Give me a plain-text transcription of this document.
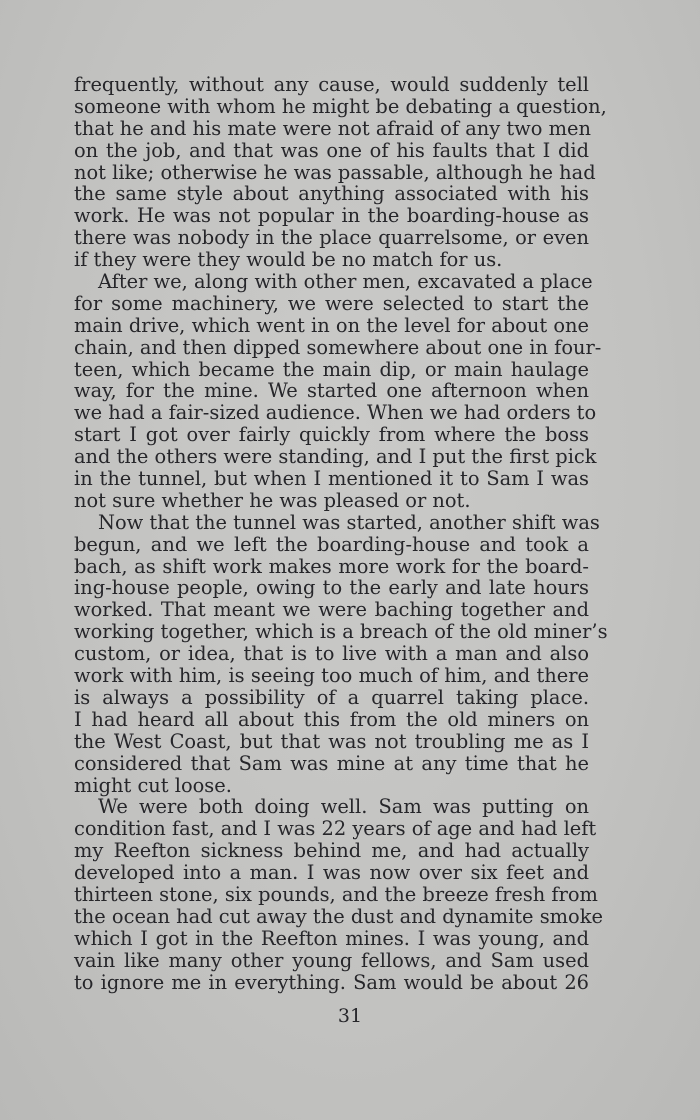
frequently, without any cause, would suddenly tell
someone with whom he might be debating a question,
that he and his mate were not afraid of any two men
on the job, and that was one of his faults that I did
not like; otherwise he was passable, although he had
the same style about anything associated with his
work. He was not popular in the boarding-house as
there was nobody in the place quarrelsome, or even
if they were they would be no match for us.
After we, along with other men, excavated a place
for some machinery, we were selected to start the
main drive, which went in on the level for about one
chain, and then dipped somewhere about one in four-
teen, which became the main dip, or main haulage
way, for the mine. We started one afternoon when
we had a fair-sized audience. When we had orders to
start I got over fairly quickly from where the boss
and the others were standing, and I put the first pick
in the tunnel, but when I mentioned it to Sam I was
not sure whether he was pleased or not.
Now that the tunnel was started, another shift was
begun, and we left the boarding-house and took a
bach, as shift work makes more work for the board-
ing-house people, owing to the early and late hours
worked. That meant we were baching together and
working together, which is a breach of the old miner’s
custom, or idea, that is to live with a man and also
work with him, is seeing too much of him, and there
is always a possibility of a quarrel taking place.
I had heard all about this from the old miners on
the West Coast, but that was not troubling me as I
considered that Sam was mine at any time that he
might cut loose.
We were both doing well. Sam was putting on
condition fast, and I was 22 years of age and had left
my Reefton sickness behind me, and had actually
developed into a man. I was now over six feet and
thirteen stone, six pounds, and the breeze fresh from
the ocean had cut away the dust and dynamite smoke
which I got in the Reefton mines. I was young, and
vain like many other young fellows, and Sam used
to ignore me in everything. Sam would be about 26
31
